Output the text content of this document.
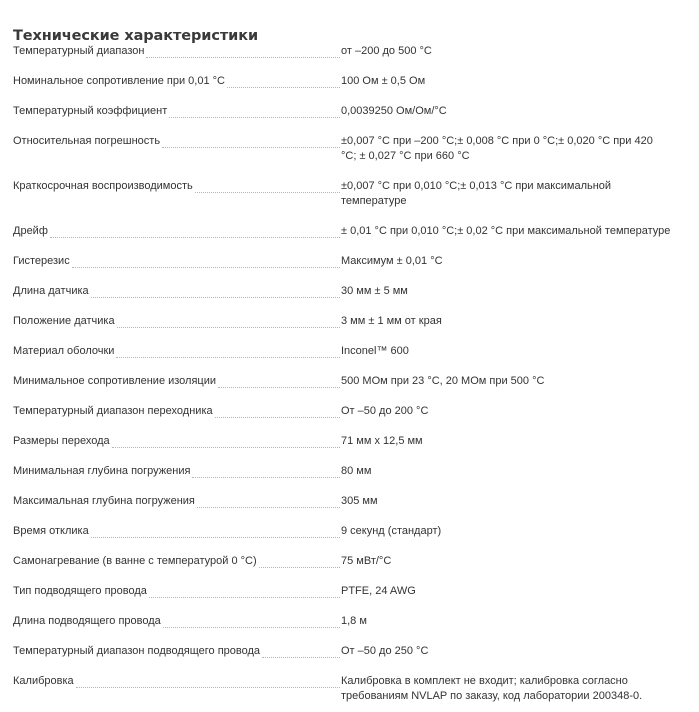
Технические характеристики
Температурный диапазон	от –200 до 500 °C
Номинальное сопротивление при 0,01 °C	100 Ом ± 0,5 Ом
Температурный коэффициент	0,0039250 Ом/Ом/°C
Относительная погрешность	±0,007 °C при –200 °C;± 0,008 °C при 0 °C;± 0,020 °C при 420 °C; ± 0,027 °C при 660 °C
Краткосрочная воспроизводимость	±0,007 °C при 0,010 °C;± 0,013 °C при максимальной температуре
Дрейф	± 0,01 °C при 0,010 °C;± 0,02 °C при максимальной температуре
Гистерезис	Максимум ± 0,01 °C
Длина датчика	30 мм ± 5 мм
Положение датчика	3 мм ± 1 мм от края
Материал оболочки	Inconel™ 600
Минимальное сопротивление изоляции	500 МОм при 23 °C, 20 МОм при 500 °C
Температурный диапазон переходника	От –50 до 200 °C
Размеры перехода	71 мм x 12,5 мм
Минимальная глубина погружения	80 мм
Максимальная глубина погружения	305 мм
Время отклика	9 секунд (стандарт)
Самонагревание (в ванне с температурой 0 °C)	75 мВт/°C
Тип подводящего провода	PTFE, 24 AWG
Длина подводящего провода	1,8 м
Температурный диапазон подводящего провода	От –50 до 250 °C
Калибровка	Калибровка в комплект не входит; калибровка согласно требованиям NVLAP по заказу, код лаборатории 200348-0.
